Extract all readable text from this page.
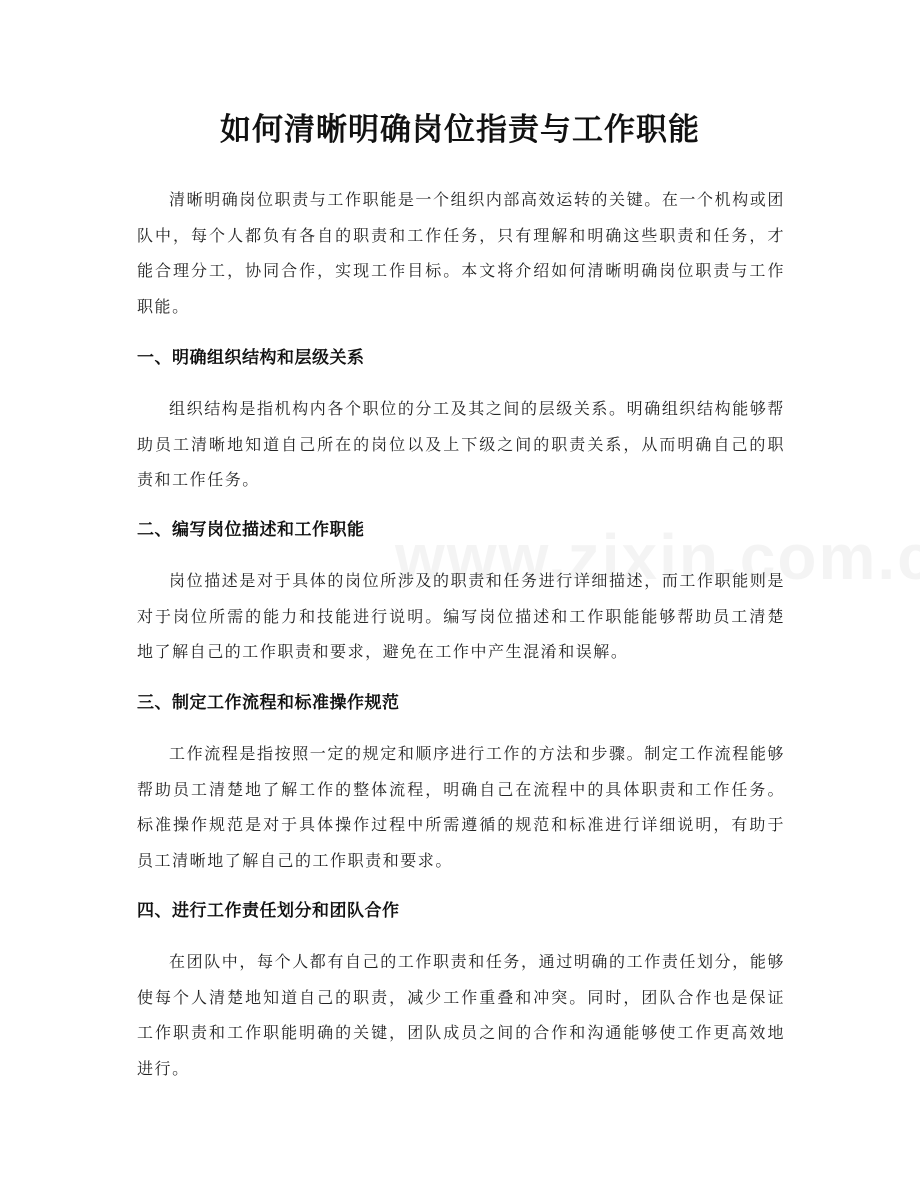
如何清晰明确岗位指责与工作职能

清晰明确岗位职责与工作职能是一个组织内部高效运转的关键。在一个机构或团队中，每个人都负有各自的职责和工作任务，只有理解和明确这些职责和任务，才能合理分工，协同合作，实现工作目标。本文将介绍如何清晰明确岗位职责与工作职能。

一、明确组织结构和层级关系

组织结构是指机构内各个职位的分工及其之间的层级关系。明确组织结构能够帮助员工清晰地知道自己所在的岗位以及上下级之间的职责关系，从而明确自己的职责和工作任务。

二、编写岗位描述和工作职能

岗位描述是对于具体的岗位所涉及的职责和任务进行详细描述，而工作职能则是对于岗位所需的能力和技能进行说明。编写岗位描述和工作职能能够帮助员工清楚地了解自己的工作职责和要求，避免在工作中产生混淆和误解。

三、制定工作流程和标准操作规范

工作流程是指按照一定的规定和顺序进行工作的方法和步骤。制定工作流程能够帮助员工清楚地了解工作的整体流程，明确自己在流程中的具体职责和工作任务。标准操作规范是对于具体操作过程中所需遵循的规范和标准进行详细说明，有助于员工清晰地了解自己的工作职责和要求。

四、进行工作责任划分和团队合作

在团队中，每个人都有自己的工作职责和任务，通过明确的工作责任划分，能够使每个人清楚地知道自己的职责，减少工作重叠和冲突。同时，团队合作也是保证工作职责和工作职能明确的关键，团队成员之间的合作和沟通能够使工作更高效地进行。
